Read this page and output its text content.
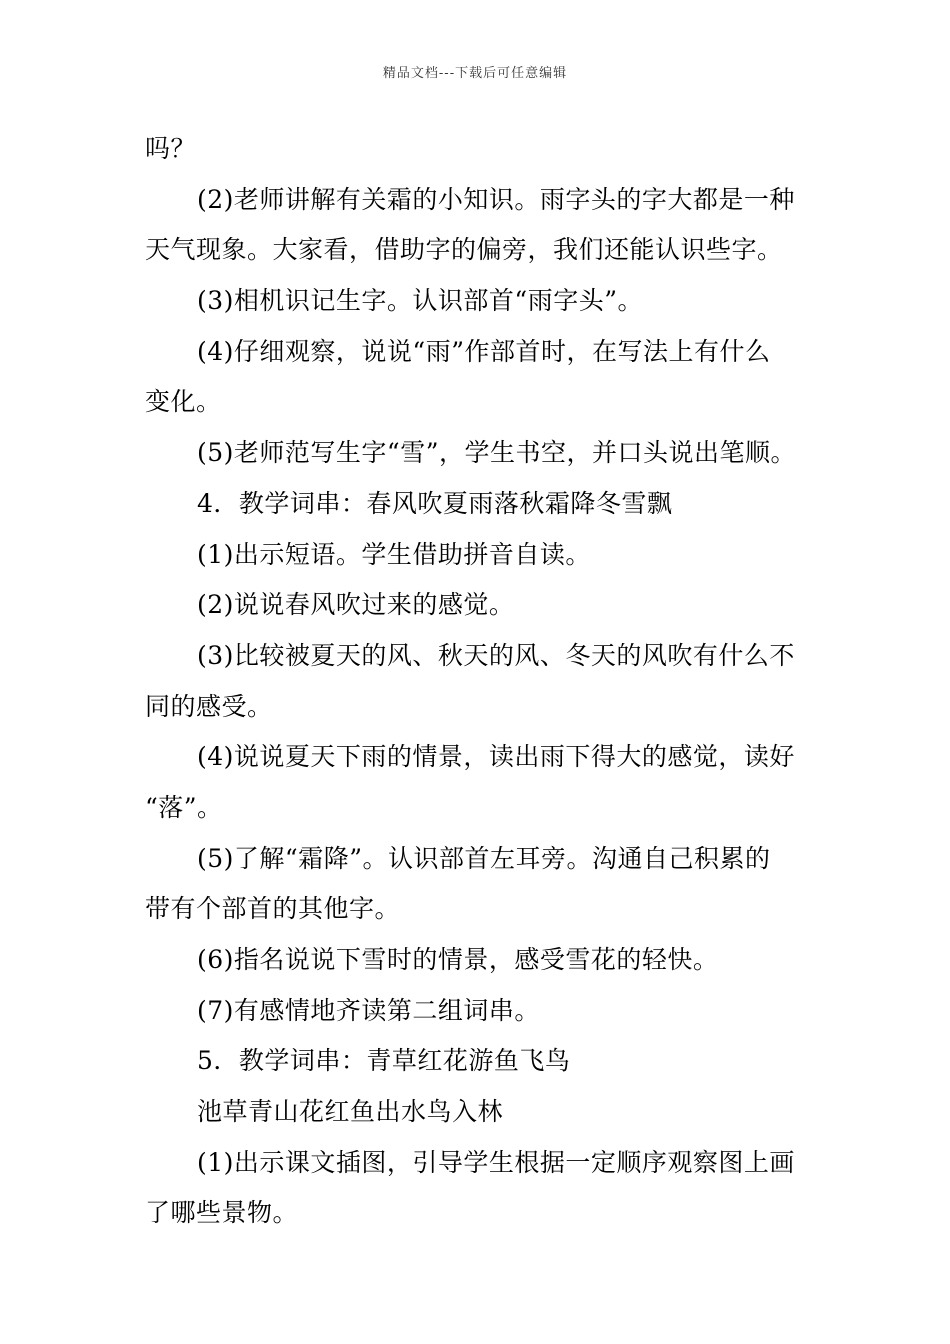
精品文档---下载后可任意编辑
吗？
(2)老师讲解有关霜的小知识。雨字头的字大都是一种
天气现象。大家看，借助字的偏旁，我们还能认识些字。
(3)相机识记生字。认识部首“雨字头”。
(4)仔细观察，说说“雨”作部首时，在写法上有什么
变化。
(5)老师范写生字“雪”，学生书空，并口头说出笔顺。
4．教学词串：春风吹夏雨落秋霜降冬雪飘
(1)出示短语。学生借助拼音自读。
(2)说说春风吹过来的感觉。
(3)比较被夏天的风、秋天的风、冬天的风吹有什么不
同的感受。
(4)说说夏天下雨的情景，读出雨下得大的感觉，读好
“落”。
(5)了解“霜降”。认识部首左耳旁。沟通自己积累的
带有个部首的其他字。
(6)指名说说下雪时的情景，感受雪花的轻快。
(7)有感情地齐读第二组词串。
5．教学词串：青草红花游鱼飞鸟
池草青山花红鱼出水鸟入林
(1)出示课文插图，引导学生根据一定顺序观察图上画
了哪些景物。
